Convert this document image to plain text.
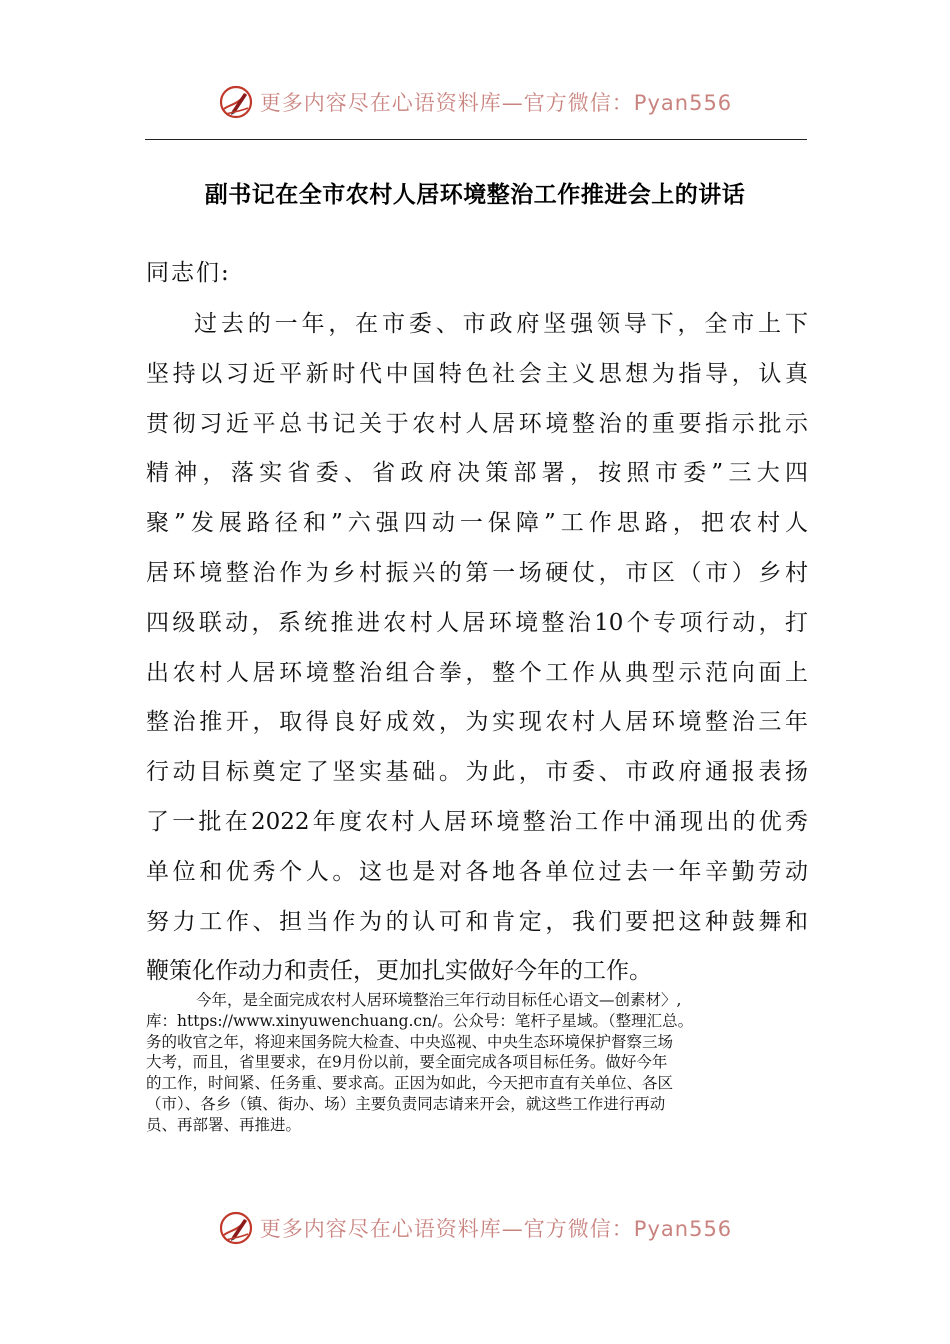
更多内容尽在心语资料库—官方微信：Pyan556
副书记在全市农村人居环境整治工作推进会上的讲话
同志们:
过去的一年，在市委、市政府坚强领导下，全市上下
坚持以习近平新时代中国特色社会主义思想为指导，认真
贯彻习近平总书记关于农村人居环境整治的重要指示批示
精神，落实省委、省政府决策部署，按照市委”三大四
聚”发展路径和”六强四动一保障”工作思路，把农村人
居环境整治作为乡村振兴的第一场硬仗，市区（市）乡村
四级联动，系统推进农村人居环境整治10个专项行动，打
出农村人居环境整治组合拳，整个工作从典型示范向面上
整治推开，取得良好成效，为实现农村人居环境整治三年
行动目标奠定了坚实基础。为此，市委、市政府通报表扬
了一批在2022年度农村人居环境整治工作中涌现出的优秀
单位和优秀个人。这也是对各地各单位过去一年辛勤劳动
努力工作、担当作为的认可和肯定，我们要把这种鼓舞和
鞭策化作动力和责任，更加扎实做好今年的工作。
今年，是全面完成农村人居环境整治三年行动目标任心语文—创素材〉,
库：https://www.xinyuwenchuang.cn/。公众号：笔杆子星域。（整理汇总。
务的收官之年，将迎来国务院大检查、中央巡视、中央生态环境保护督察三场
大考，而且，省里要求，在9月份以前，要全面完成各项目标任务。做好今年
的工作，时间紧、任务重、要求高。正因为如此，今天把市直有关单位、各区
（市）、各乡（镇、街办、场）主要负责同志请来开会，就这些工作进行再动
员、再部署、再推进。
更多内容尽在心语资料库—官方微信：Pyan556
